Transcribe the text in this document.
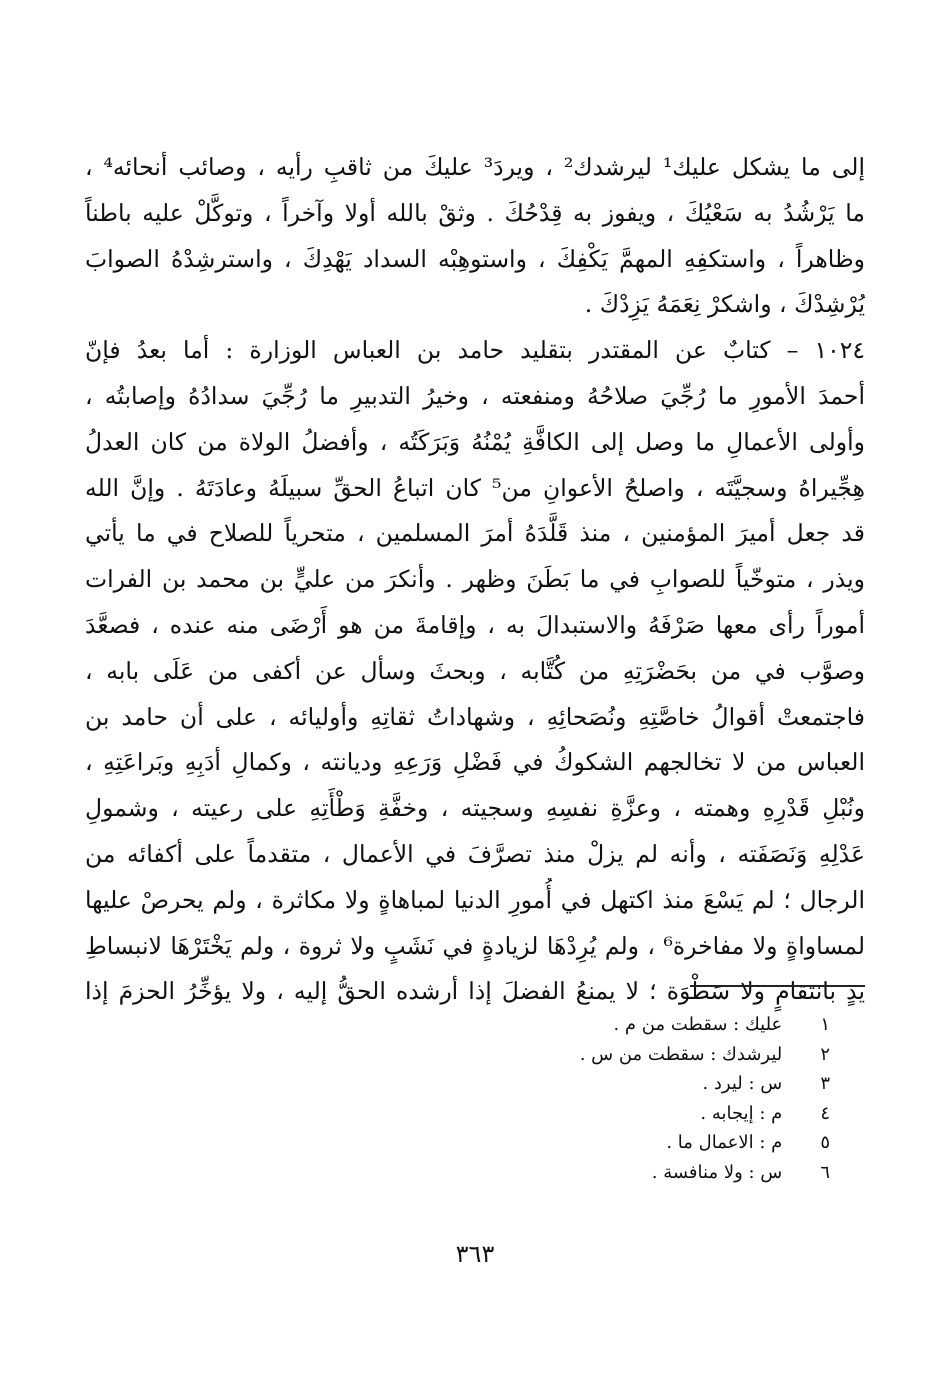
إلى ما يشكل عليك¹ ليرشدك² ، ويردَ³ عليكَ من ثاقبِ رأيه ، وصائب أنحائه⁴ ،
ما يَرْشُدُ به سَعْيُكَ ، ويفوز به قِدْحُكَ . وثقْ بالله أولا وآخراً ، وتوكَّلْ عليه باطناً
وظاهراً ، واستكفِهِ المهمَّ يَكْفِكَ ، واستوهِبْه السداد يَهْدِكَ ، واسترشِدْهُ الصوابَ
يُرْشِدْكَ ، واشكرْ نِعَمَهُ يَزِدْكَ .
١٠٢٤ – كتابٌ عن المقتدر بتقليد حامد بن العباس الوزارة : أما بعدُ فإنّ
أحمدَ الأمورِ ما رُجِّيَ صلاحُهُ ومنفعته ، وخيرُ التدبيرِ ما رُجِّيَ سدادُهُ وإصابتُه ،
وأولى الأعمالِ ما وصل إلى الكافَّةِ يُمْنُهُ وَبَرَكَتُه ، وأفضلُ الولاة من كان العدلُ
هِجِّيراهُ وسجيَّتَه ، واصلحُ الأعوانِ من⁵ كان اتباعُ الحقِّ سبيلَهُ وعادَتَهُ . وإنَّ الله
قد جعل أميرَ المؤمنين ، منذ قَلَّدَهُ أمرَ المسلمين ، متحرياً للصلاح في ما يأتي
ويذر ، متوخّياً للصوابِ في ما بَطَنَ وظهر . وأنكرَ من عليٍّ بن محمد بن الفرات
أموراً رأى معها صَرْفَهُ والاستبدالَ به ، وإقامةَ من هو أَرْضَى منه عنده ، فصعَّدَ
وصوَّب في من بحَضْرَتِهِ من كُتَّابه ، وبحثَ وسأل عن أكفى من عَلَى بابه ،
فاجتمعتْ أقوالُ خاصَّتِهِ ونُصَحائِهِ ، وشهاداتُ ثقاتِهِ وأوليائه ، على أن حامد بن
العباس من لا تخالجهم الشكوكُ في فَضْلِ وَرَعِهِ وديانته ، وكمالِ أدَبِهِ وبَراعَتِهِ ،
ونُبْلِ قَدْرِهِ وهمته ، وعزَّةِ نفسِهِ وسجيته ، وخفَّةِ وَطْأَتِهِ على رعيته ، وشمولِ
عَدْلِهِ وَنَصَفَته ، وأنه لم يزلْ منذ تصرَّفَ في الأعمال ، متقدماً على أكفائه من
الرجال ؛ لم يَسْعَ منذ اكتهل في أُمورِ الدنيا لمباهاةٍ ولا مكاثرة ، ولم يحرصْ عليها
لمساواةٍ ولا مفاخرة⁶ ، ولم يُرِدْهَا لزيادةٍ في نَشَبٍ ولا ثروة ، ولم يَخْتَرْهَا لانبساطِ
يدٍ بانتقامٍ ولا سَطْوَة ؛ لا يمنعُ الفضلَ إذا أرشده الحقُّ إليه ، ولا يؤخِّرُ الحزمَ إذا
١ عليك : سقطت من م .
٢ ليرشدك : سقطت من س .
٣ س : ليرد .
٤ م : إيجابه .
٥ م : الاعمال ما .
٦ س : ولا منافسة .
٣٦٣
